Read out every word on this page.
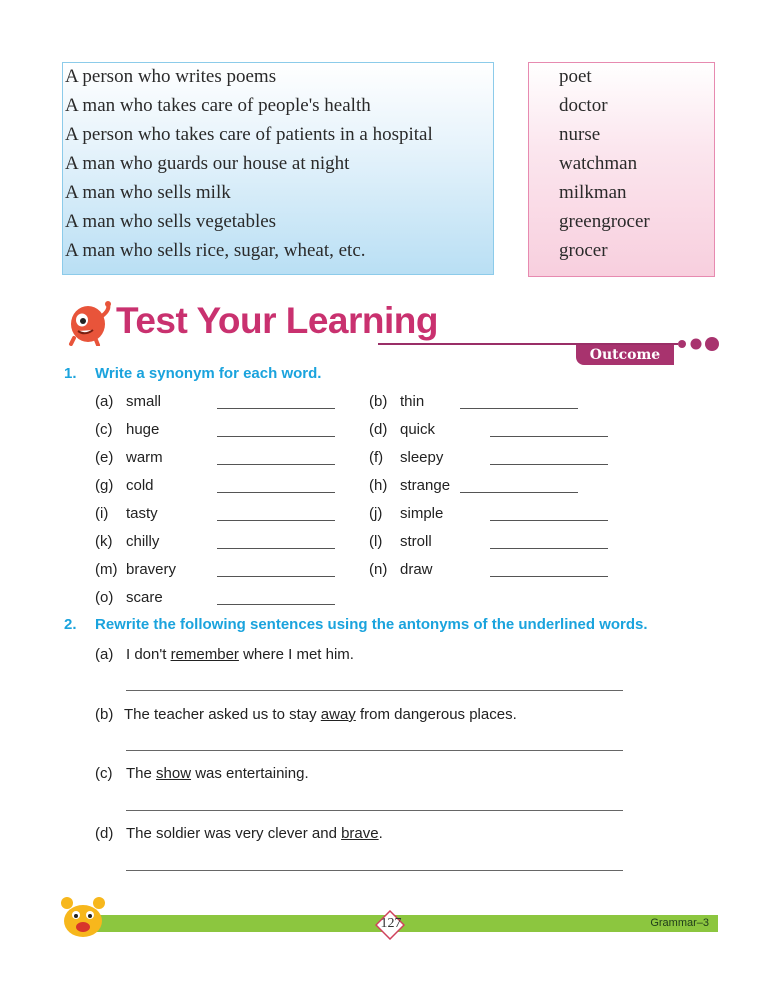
A person who writes poems
A man who takes care of people's health
A person who takes care of patients in a hospital
A man who guards our house at night
A man who sells milk
A man who sells vegetables
A man who sells rice, sugar, wheat, etc.
poet
doctor
nurse
watchman
milkman
greengrocer
grocer
Test Your Learning
Outcome
1. Write a synonym for each word.
(a) small
(c) huge
(e) warm
(g) cold
(i) tasty
(k) chilly
(m) bravery
(o) scare
(b) thin
(d) quick
(f) sleepy
(h) strange
(j) simple
(l) stroll
(n) draw
2. Rewrite the following sentences using the antonyms of the underlined words.
(a) I don't remember where I met him.
(b) The teacher asked us to stay away from dangerous places.
(c) The show was entertaining.
(d) The soldier was very clever and brave.
127	Grammar–3
